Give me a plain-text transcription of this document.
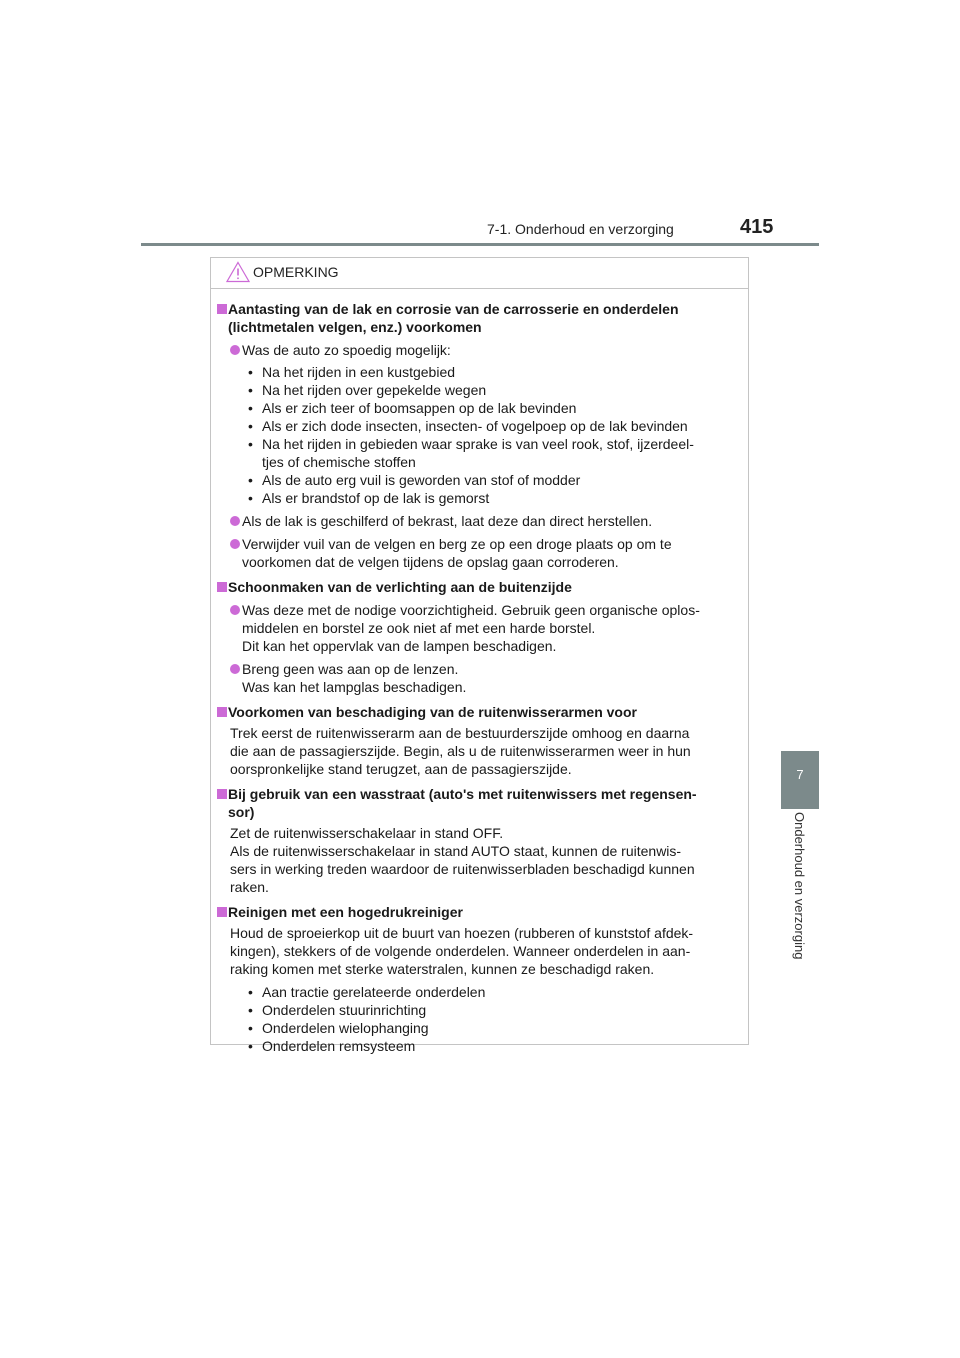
7-1. Onderhoud en verzorging	415
7
Onderhoud en verzorging
OPMERKING
Aantasting van de lak en corrosie van de carrosserie en onderdelen
(lichtmetalen velgen, enz.) voorkomen
Was de auto zo spoedig mogelijk:
• Na het rijden in een kustgebied
• Na het rijden over gepekelde wegen
• Als er zich teer of boomsappen op de lak bevinden
• Als er zich dode insecten, insecten- of vogelpoep op de lak bevinden
• Na het rijden in gebieden waar sprake is van veel rook, stof, ijzerdeel-
tjes of chemische stoffen
• Als de auto erg vuil is geworden van stof of modder
• Als er brandstof op de lak is gemorst
Als de lak is geschilferd of bekrast, laat deze dan direct herstellen.
Verwijder vuil van de velgen en berg ze op een droge plaats op om te
voorkomen dat de velgen tijdens de opslag gaan corroderen.
Schoonmaken van de verlichting aan de buitenzijde
Was deze met de nodige voorzichtigheid. Gebruik geen organische oplos-
middelen en borstel ze ook niet af met een harde borstel.
Dit kan het oppervlak van de lampen beschadigen.
Breng geen was aan op de lenzen.
Was kan het lampglas beschadigen.
Voorkomen van beschadiging van de ruitenwisserarmen voor
Trek eerst de ruitenwisserarm aan de bestuurderszijde omhoog en daarna
die aan de passagierszijde. Begin, als u de ruitenwisserarmen weer in hun
oorspronkelijke stand terugzet, aan de passagierszijde.
Bij gebruik van een wasstraat (auto's met ruitenwissers met regensen-
sor)
Zet de ruitenwisserschakelaar in stand OFF.
Als de ruitenwisserschakelaar in stand AUTO staat, kunnen de ruitenwis-
sers in werking treden waardoor de ruitenwisserbladen beschadigd kunnen
raken.
Reinigen met een hogedrukreiniger
Houd de sproeierkop uit de buurt van hoezen (rubberen of kunststof afdek-
kingen), stekkers of de volgende onderdelen. Wanneer onderdelen in aan-
raking komen met sterke waterstralen, kunnen ze beschadigd raken.
• Aan tractie gerelateerde onderdelen
• Onderdelen stuurinrichting
• Onderdelen wielophanging
• Onderdelen remsysteem
